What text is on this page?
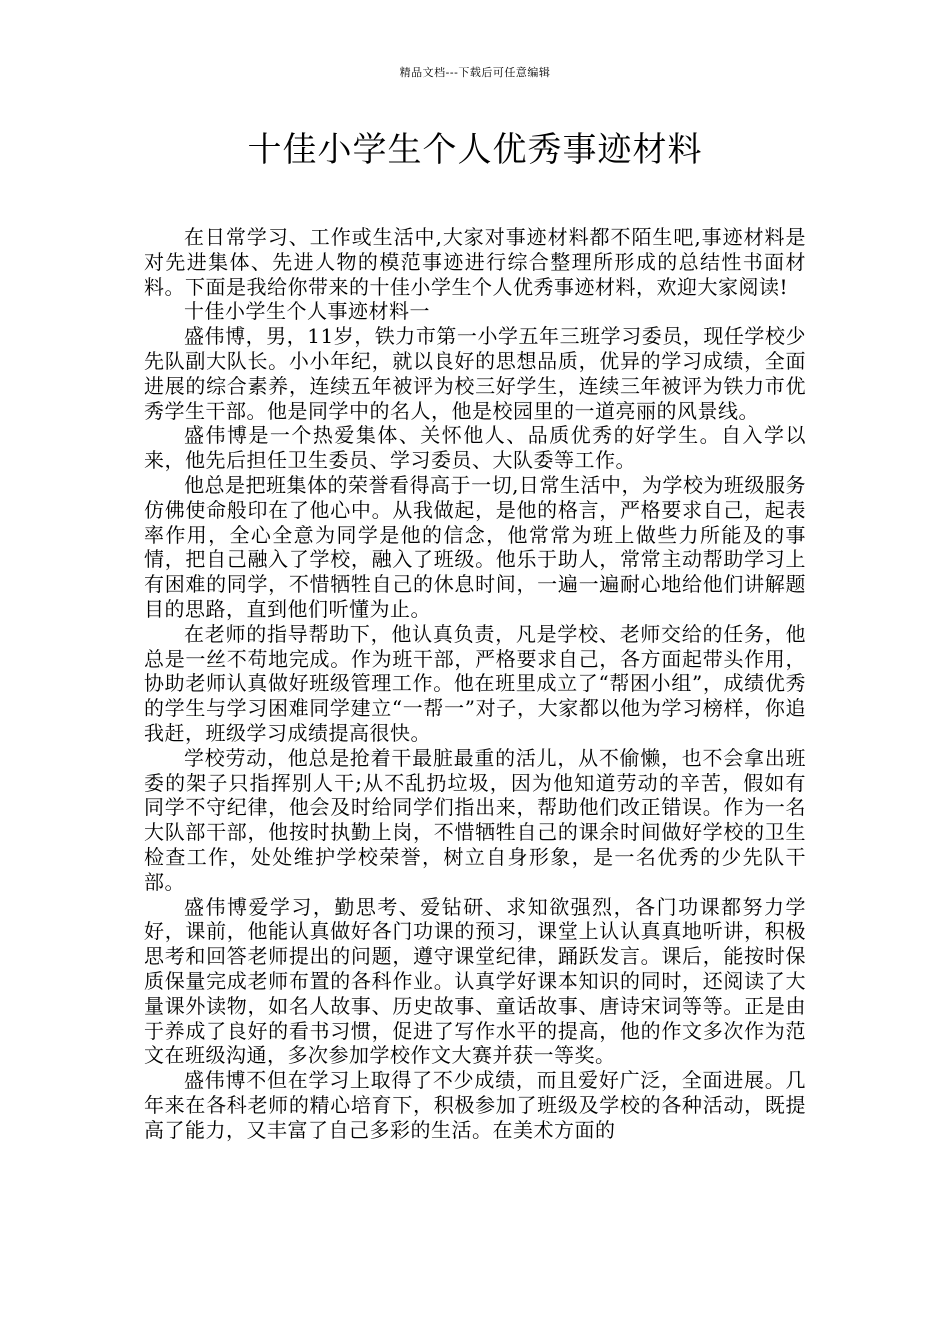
精品文档---下载后可任意编辑
十佳小学生个人优秀事迹材料

在日常学习、工作或生活中,大家对事迹材料都不陌生吧,事迹材料是对先进集体、先进人物的模范事迹进行综合整理所形成的总结性书面材料。下面是我给你带来的十佳小学生个人优秀事迹材料，欢迎大家阅读!

十佳小学生个人事迹材料一

盛伟博，男，11岁，铁力市第一小学五年三班学习委员，现任学校少先队副大队长。小小年纪，就以良好的思想品质，优异的学习成绩，全面进展的综合素养，连续五年被评为校三好学生，连续三年被评为铁力市优秀学生干部。他是同学中的名人，他是校园里的一道亮丽的风景线。

盛伟博是一个热爱集体、关怀他人、品质优秀的好学生。自入学以来，他先后担任卫生委员、学习委员、大队委等工作。

他总是把班集体的荣誉看得高于一切,日常生活中，为学校为班级服务仿佛使命般印在了他心中。从我做起，是他的格言，严格要求自己，起表率作用，全心全意为同学是他的信念，他常常为班上做些力所能及的事情，把自己融入了学校，融入了班级。他乐于助人，常常主动帮助学习上有困难的同学，不惜牺牲自己的休息时间，一遍一遍耐心地给他们讲解题目的思路，直到他们听懂为止。

在老师的指导帮助下，他认真负责，凡是学校、老师交给的任务，他总是一丝不苟地完成。作为班干部，严格要求自己，各方面起带头作用，协助老师认真做好班级管理工作。他在班里成立了“帮困小组”，成绩优秀的学生与学习困难同学建立“一帮一”对子，大家都以他为学习榜样，你追我赶，班级学习成绩提高很快。

学校劳动，他总是抢着干最脏最重的活儿，从不偷懒，也不会拿出班委的架子只指挥别人干;从不乱扔垃圾，因为他知道劳动的辛苦，假如有同学不守纪律，他会及时给同学们指出来，帮助他们改正错误。作为一名大队部干部，他按时执勤上岗，不惜牺牲自己的课余时间做好学校的卫生检查工作，处处维护学校荣誉，树立自身形象，是一名优秀的少先队干部。

盛伟博爱学习，勤思考、爱钻研、求知欲强烈，各门功课都努力学好，课前，他能认真做好各门功课的预习，课堂上认认真真地听讲，积极思考和回答老师提出的问题，遵守课堂纪律，踊跃发言。课后，能按时保质保量完成老师布置的各科作业。认真学好课本知识的同时，还阅读了大量课外读物，如名人故事、历史故事、童话故事、唐诗宋词等等。正是由于养成了良好的看书习惯，促进了写作水平的提高，他的作文多次作为范文在班级沟通，多次参加学校作文大赛并获一等奖。

盛伟博不但在学习上取得了不少成绩，而且爱好广泛，全面进展。几年来在各科老师的精心培育下，积极参加了班级及学校的各种活动，既提高了能力，又丰富了自己多彩的生活。在美术方面的
